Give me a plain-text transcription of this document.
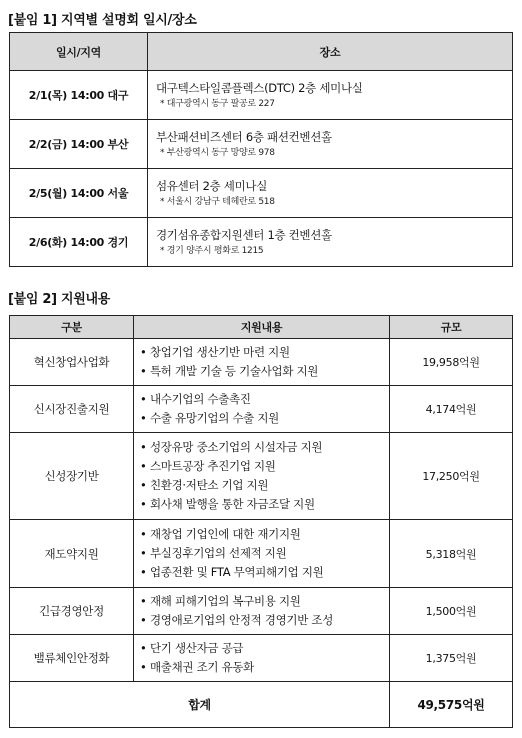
[붙임 1] 지역별 설명회 일시/장소
일시/지역	장소
2/1(목) 14:00 대구	대구텍스타일콤플렉스(DTC) 2층 세미나실
* 대구광역시 동구 팔공로 227

2/2(금) 14:00 부산	부산패션비즈센터 6층 패션컨벤션홀
* 부산광역시 동구 망양로 978

2/5(월) 14:00 서울	섬유센터 2층 세미나실
* 서울시 강남구 테헤란로 518

2/6(화) 14:00 경기	경기섬유종합지원센터 1층 컨벤션홀
* 경기 양주시 평화로 1215
[붙임 2] 지원내용
구분	지원내용	규모
혁신창업사업화	• 창업기업 생산기반 마련 지원
• 특허 개발 기술 등 기술사업화 지원	19,958억원
신시장진출지원	• 내수기업의 수출촉진
• 수출 유망기업의 수출 지원	4,174억원
신성장기반	• 성장유망 중소기업의 시설자금 지원
• 스마트공장 추진기업 지원
• 친환경·저탄소 기업 지원
• 회사채 발행을 통한 자금조달 지원	17,250억원
재도약지원	• 재창업 기업인에 대한 재기지원
• 부실징후기업의 선제적 지원
• 업종전환 및 FTA 무역피해기업 지원	5,318억원
긴급경영안정	• 재해 피해기업의 복구비용 지원
• 경영애로기업의 안정적 경영기반 조성	1,500억원
밸류체인안정화	• 단기 생산자금 공급
• 매출채권 조기 유동화	1,375억원
합계		49,575억원
